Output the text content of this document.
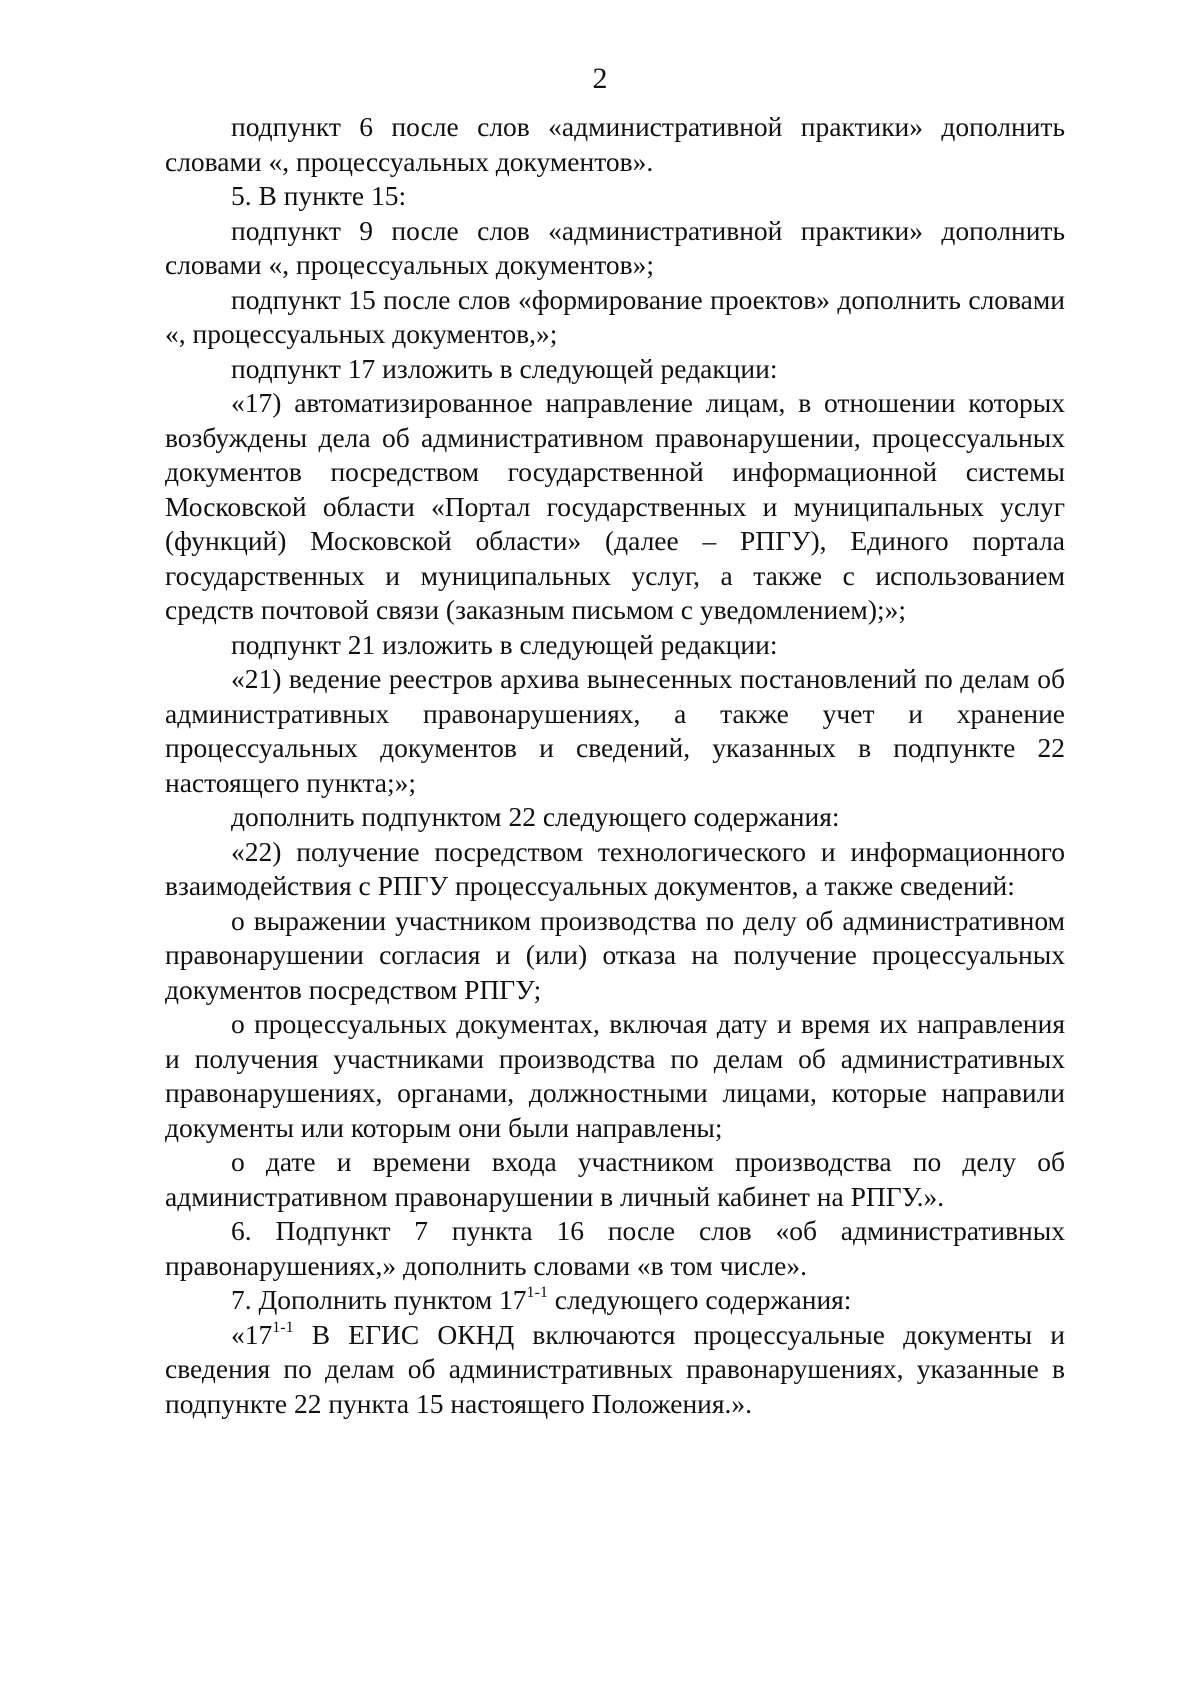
2

подпункт 6 после слов «административной практики» дополнить словами «, процессуальных документов».

5. В пункте 15:

подпункт 9 после слов «административной практики» дополнить словами «, процессуальных документов»;

подпункт 15 после слов «формирование проектов» дополнить словами «, процессуальных документов,»;

подпункт 17 изложить в следующей редакции:

«17) автоматизированное направление лицам, в отношении которых возбуждены дела об административном правонарушении, процессуальных документов посредством государственной информационной системы Московской области «Портал государственных и муниципальных услуг (функций) Московской области» (далее – РПГУ), Единого портала государственных и муниципальных услуг, а также с использованием средств почтовой связи (заказным письмом с уведомлением);»;

подпункт 21 изложить в следующей редакции:

«21) ведение реестров архива вынесенных постановлений по делам об административных правонарушениях, а также учет и хранение процессуальных документов и сведений, указанных в подпункте 22 настоящего пункта;»;

дополнить подпунктом 22 следующего содержания:

«22) получение посредством технологического и информационного взаимодействия с РПГУ процессуальных документов, а также сведений:

о выражении участником производства по делу об административном правонарушении согласия и (или) отказа на получение процессуальных документов посредством РПГУ;

о процессуальных документах, включая дату и время их направления и получения участниками производства по делам об административных правонарушениях, органами, должностными лицами, которые направили документы или которым они были направлены;

о дате и времени входа участником производства по делу об административном правонарушении в личный кабинет на РПГУ.».

6. Подпункт 7 пункта 16 после слов «об административных правонарушениях,» дополнить словами «в том числе».

7. Дополнить пунктом 17$^{1-1}$ следующего содержания:

«17$^{1-1}$ В ЕГИС ОКНД включаются процессуальные документы и сведения по делам об административных правонарушениях, указанные в подпункте 22 пункта 15 настоящего Положения.».
